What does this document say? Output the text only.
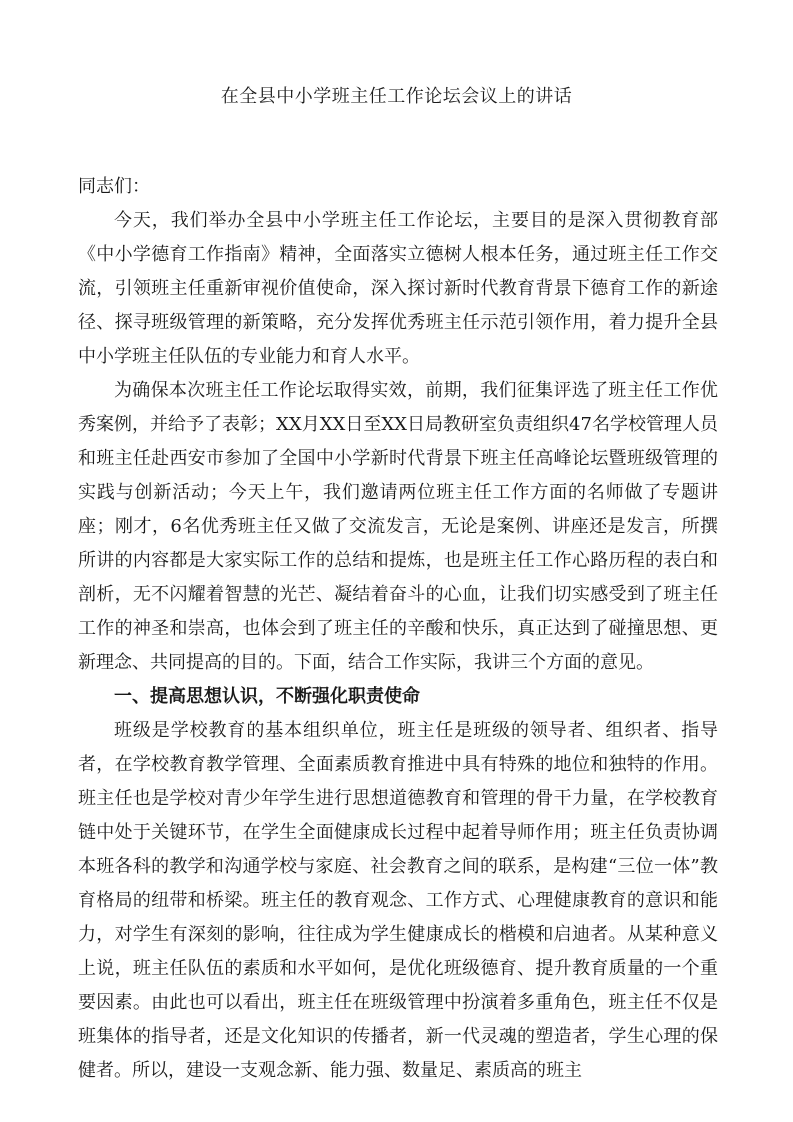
在全县中小学班主任工作论坛会议上的讲话

同志们：

今天，我们举办全县中小学班主任工作论坛，主要目的是深入贯彻教育部《中小学德育工作指南》精神，全面落实立德树人根本任务，通过班主任工作交流，引领班主任重新审视价值使命，深入探讨新时代教育背景下德育工作的新途径、探寻班级管理的新策略，充分发挥优秀班主任示范引领作用，着力提升全县中小学班主任队伍的专业能力和育人水平。

为确保本次班主任工作论坛取得实效，前期，我们征集评选了班主任工作优秀案例，并给予了表彰；XX月XX日至XX日局教研室负责组织47名学校管理人员和班主任赴西安市参加了全国中小学新时代背景下班主任高峰论坛暨班级管理的实践与创新活动；今天上午，我们邀请两位班主任工作方面的名师做了专题讲座；刚才，6名优秀班主任又做了交流发言，无论是案例、讲座还是发言，所撰所讲的内容都是大家实际工作的总结和提炼，也是班主任工作心路历程的表白和剖析，无不闪耀着智慧的光芒、凝结着奋斗的心血，让我们切实感受到了班主任工作的神圣和崇高，也体会到了班主任的辛酸和快乐，真正达到了碰撞思想、更新理念、共同提高的目的。下面，结合工作实际，我讲三个方面的意见。

一、提高思想认识，不断强化职责使命

班级是学校教育的基本组织单位，班主任是班级的领导者、组织者、指导者，在学校教育教学管理、全面素质教育推进中具有特殊的地位和独特的作用。班主任也是学校对青少年学生进行思想道德教育和管理的骨干力量，在学校教育链中处于关键环节，在学生全面健康成长过程中起着导师作用；班主任负责协调本班各科的教学和沟通学校与家庭、社会教育之间的联系，是构建“三位一体”教育格局的纽带和桥梁。班主任的教育观念、工作方式、心理健康教育的意识和能力，对学生有深刻的影响，往往成为学生健康成长的楷模和启迪者。从某种意义上说，班主任队伍的素质和水平如何，是优化班级德育、提升教育质量的一个重要因素。由此也可以看出，班主任在班级管理中扮演着多重角色，班主任不仅是班集体的指导者，还是文化知识的传播者，新一代灵魂的塑造者，学生心理的保健者。所以，建设一支观念新、能力强、数量足、素质高的班主
